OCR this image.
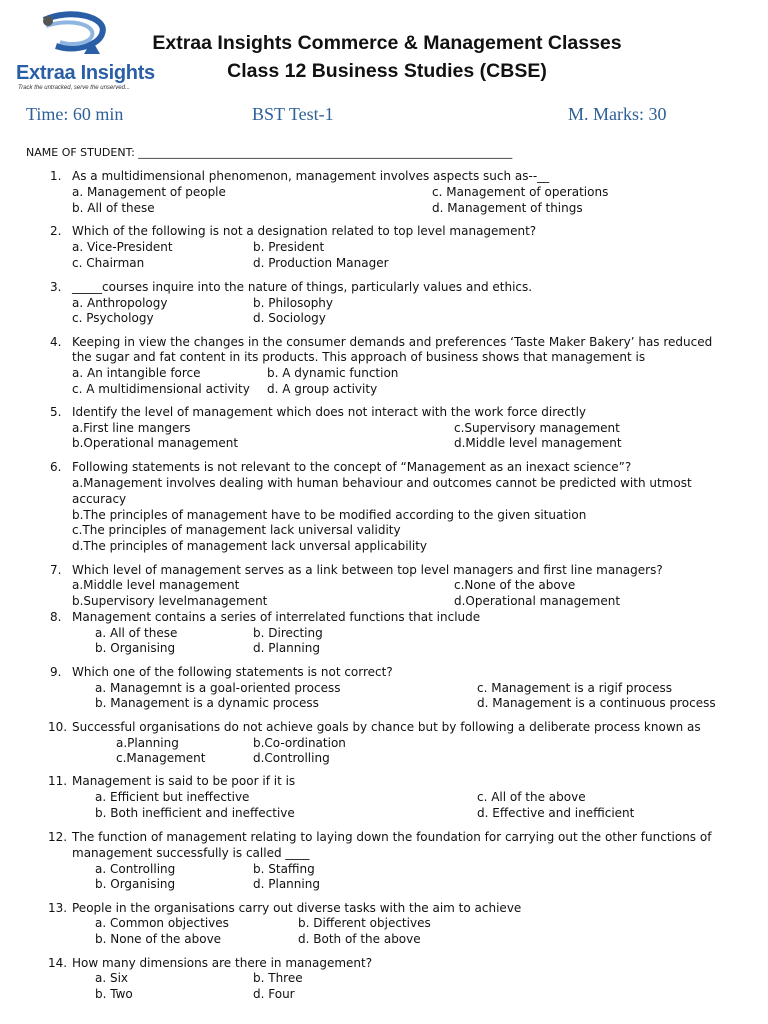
Extraa Insights
Track the untracked, serve the unserved...
Extraa Insights Commerce & Management Classes
Class 12 Business Studies (CBSE)
Time: 60 min	BST Test-1	M. Marks: 30
NAME OF STUDENT: ____________________________________________________________________
1. As a multidimensional phenomenon, management involves aspects such as--__
a. Management of people	c. Management of operations
b. All of these	d. Management of things
2. Which of the following is not a designation related to top level management?
a. Vice-President	b. President
c. Chairman	d. Production Manager
3. _____courses inquire into the nature of things, particularly values and ethics.
a. Anthropology	b. Philosophy
c. Psychology	d. Sociology
4. Keeping in view the changes in the consumer demands and preferences ‘Taste Maker Bakery’ has reduced
the sugar and fat content in its products. This approach of business shows that management is
a. An intangible force	b. A dynamic function
c. A multidimensional activity d. A group activity
5. Identify the level of management which does not interact with the work force directly
a.First line mangers	c.Supervisory management
b.Operational management	d.Middle level management
6. Following statements is not relevant to the concept of “Management as an inexact science”?
a.Management involves dealing with human behaviour and outcomes cannot be predicted with utmost
accuracy
b.The principles of management have to be modified according to the given situation
c.The principles of management lack universal validity
d.The principles of management lack unversal applicability
7. Which level of management serves as a link between top level managers and first line managers?
a.Middle level management	c.None of the above
b.Supervisory levelmanagement	d.Operational management
8. Management contains a series of interrelated functions that include
a. All of these	b. Directing
b. Organising	d. Planning
9. Which one of the following statements is not correct?
a. Managemnt is a goal-oriented process	c. Management is a rigif process
b. Management is a dynamic process	d. Management is a continuous process
10. Successful organisations do not achieve goals by chance but by following a deliberate process known as
a.Planning	b.Co-ordination
c.Management	d.Controlling
11. Management is said to be poor if it is
a. Efficient but ineffective	c. All of the above
b. Both inefficient and ineffective	d. Effective and inefficient
12. The function of management relating to laying down the foundation for carrying out the other functions of
management successfully is called ____
a. Controlling	b. Staffing
b. Organising	d. Planning
13. People in the organisations carry out diverse tasks with the aim to achieve
a. Common objectives	b. Different objectives
b. None of the above	d. Both of the above
14. How many dimensions are there in management?
a. Six	b. Three
b. Two	d. Four
